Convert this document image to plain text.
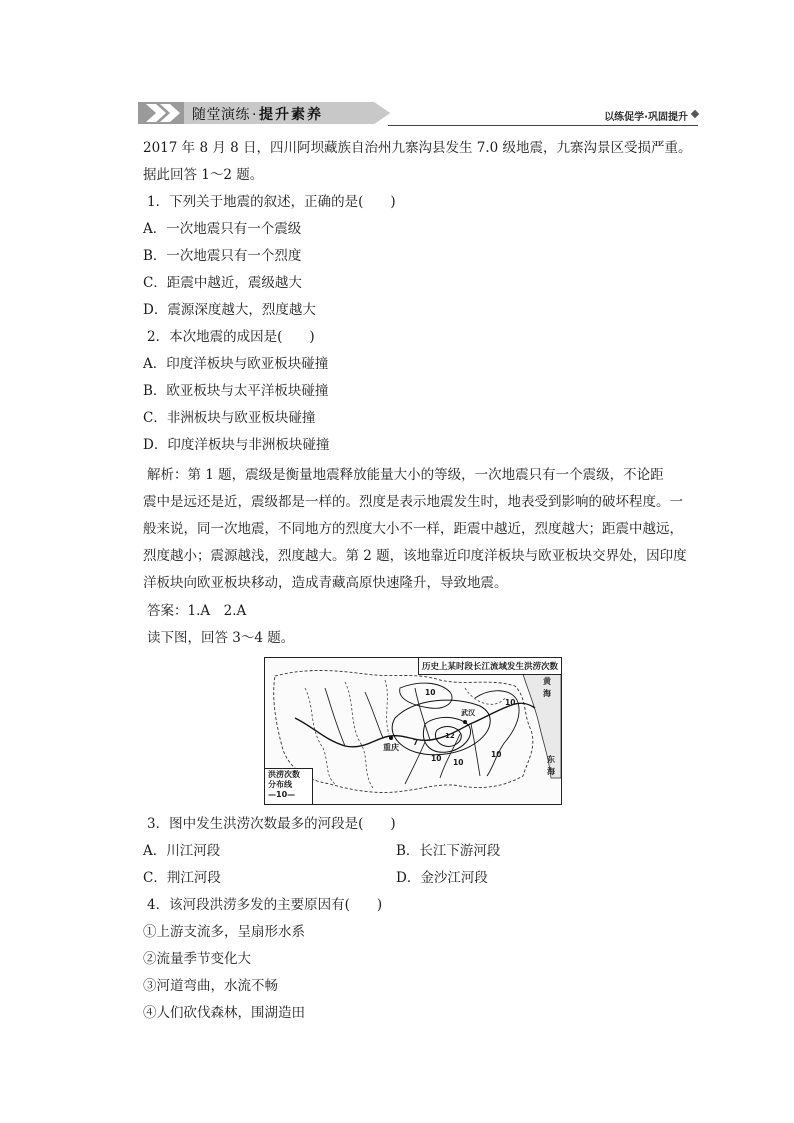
随堂演练 · 提升素养	以练促学·巩固提升
2017 年 8 月 8 日，四川阿坝藏族自治州九寨沟县发生 7.0 级地震，九寨沟景区受损严重。
据此回答 1～2 题。
1．下列关于地震的叙述，正确的是(　　)
A．一次地震只有一个震级
B．一次地震只有一个烈度
C．距震中越近，震级越大
D．震源深度越大，烈度越大
2．本次地震的成因是(　　)
A．印度洋板块与欧亚板块碰撞
B．欧亚板块与太平洋板块碰撞
C．非洲板块与欧亚板块碰撞
D．印度洋板块与非洲板块碰撞
解析：第 1 题，震级是衡量地震释放能量大小的等级，一次地震只有一个震级，不论距
震中是远还是近，震级都是一样的。烈度是表示地震发生时，地表受到影响的破坏程度。一
般来说，同一次地震，不同地方的烈度大小不一样，距震中越近，烈度越大；距震中越远，
烈度越小；震源越浅，烈度越大。第 2 题，该地靠近印度洋板块与欧亚板块交界处，因印度
洋板块向欧亚板块移动，造成青藏高原快速隆升，导致地震。
答案：1.A　2.A
读下图，回答 3～4 题。
历史上某时段长江流域发生洪涝次数
黄
海
东
海
重庆
武汉
10
7
10
12
10
10
10
洪涝次数
分布线
—10—
3．图中发生洪涝次数最多的河段是(　　)
A．川江河段	B．长江下游河段
C．荆江河段	D．金沙江河段
4．该河段洪涝多发的主要原因有(　　)
①上游支流多，呈扇形水系
②流量季节变化大
③河道弯曲，水流不畅
④人们砍伐森林，围湖造田
